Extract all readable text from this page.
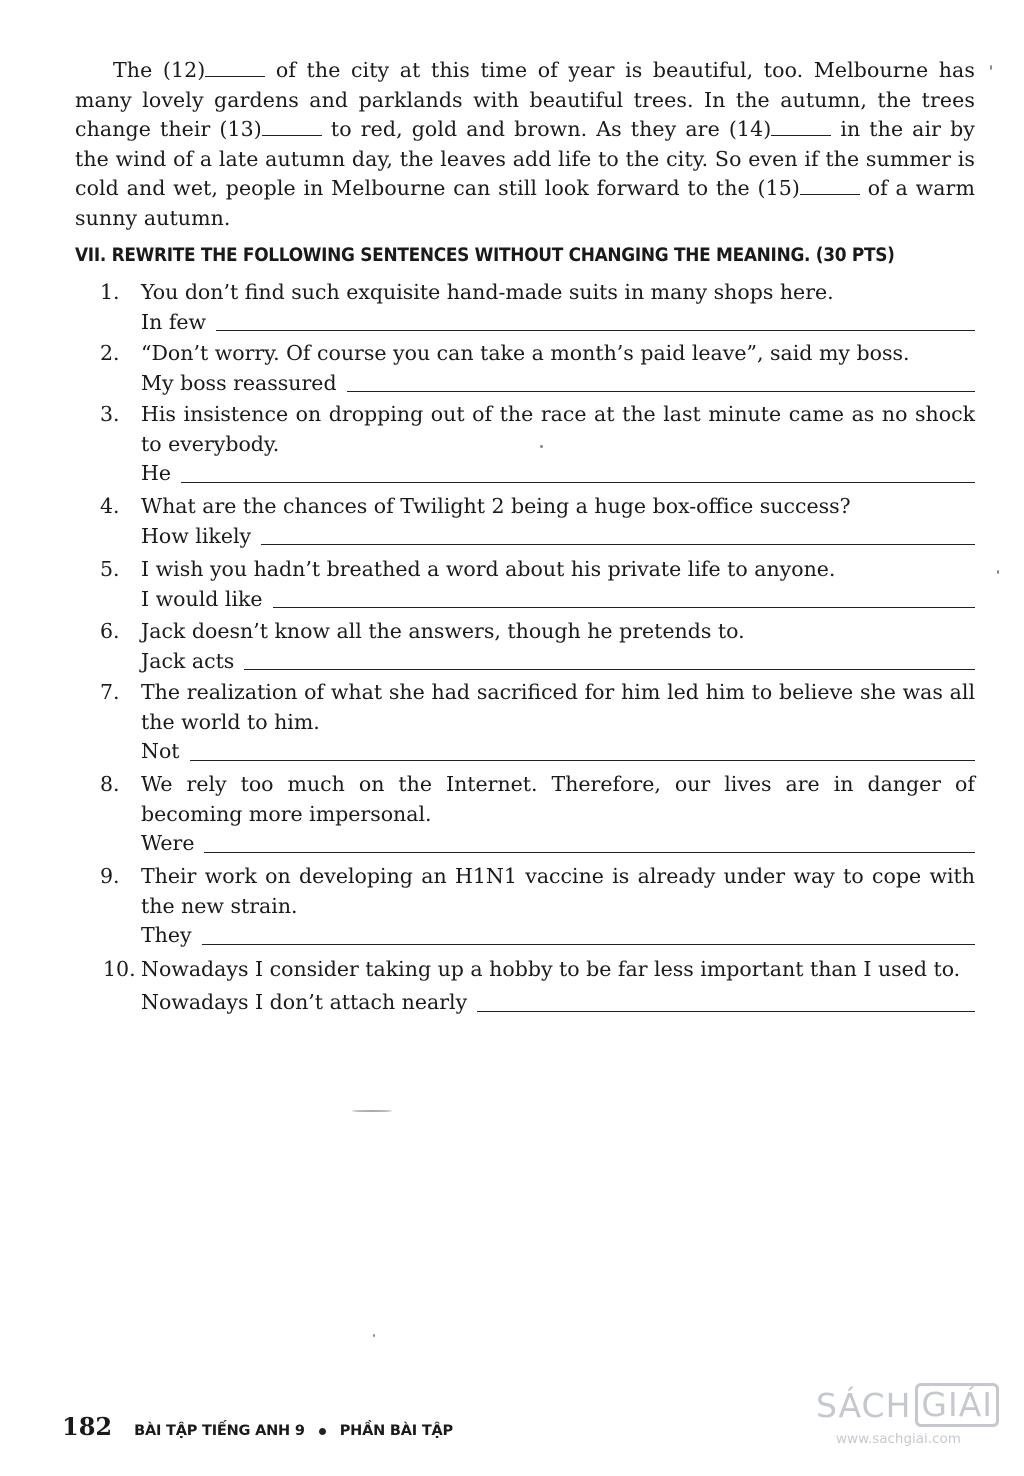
The (12)	of the city at this time of year is beautiful, too. Melbourne has many lovely gardens and parklands with beautiful trees. In the autumn, the trees change their (13)	to red, gold and brown. As they are (14)	in the air by the wind of a late autumn day, the leaves add life to the city. So even if the summer is cold and wet, people in Melbourne can still look forward to the (15)	of a warm sunny autumn.
VII. REWRITE THE FOLLOWING SENTENCES WITHOUT CHANGING THE MEANING. (30 PTS)
1.	You don’t find such exquisite hand-made suits in many shops here.
In few
2.	“Don’t worry. Of course you can take a month’s paid leave”, said my boss.
My boss reassured
3.	His insistence on dropping out of the race at the last minute came as no shock to everybody.
He
4.	What are the chances of Twilight 2 being a huge box-office success?
How likely
5.	I wish you hadn’t breathed a word about his private life to anyone.
I would like
6.	Jack doesn’t know all the answers, though he pretends to.
Jack acts
7.	The realization of what she had sacrificed for him led him to believe she was all the world to him.
Not
8.	We rely too much on the Internet. Therefore, our lives are in danger of becoming more impersonal.
Were
9.	Their work on developing an H1N1 vaccine is already under way to cope with the new strain.
They
10. Nowadays I consider taking up a hobby to be far less important than I used to.
Nowadays I don’t attach nearly
182 BÀI TẬP TIẾNG ANH 9 PHẦN BÀI TẬP
SÁCH GIẢI
www.sachgiai.com
